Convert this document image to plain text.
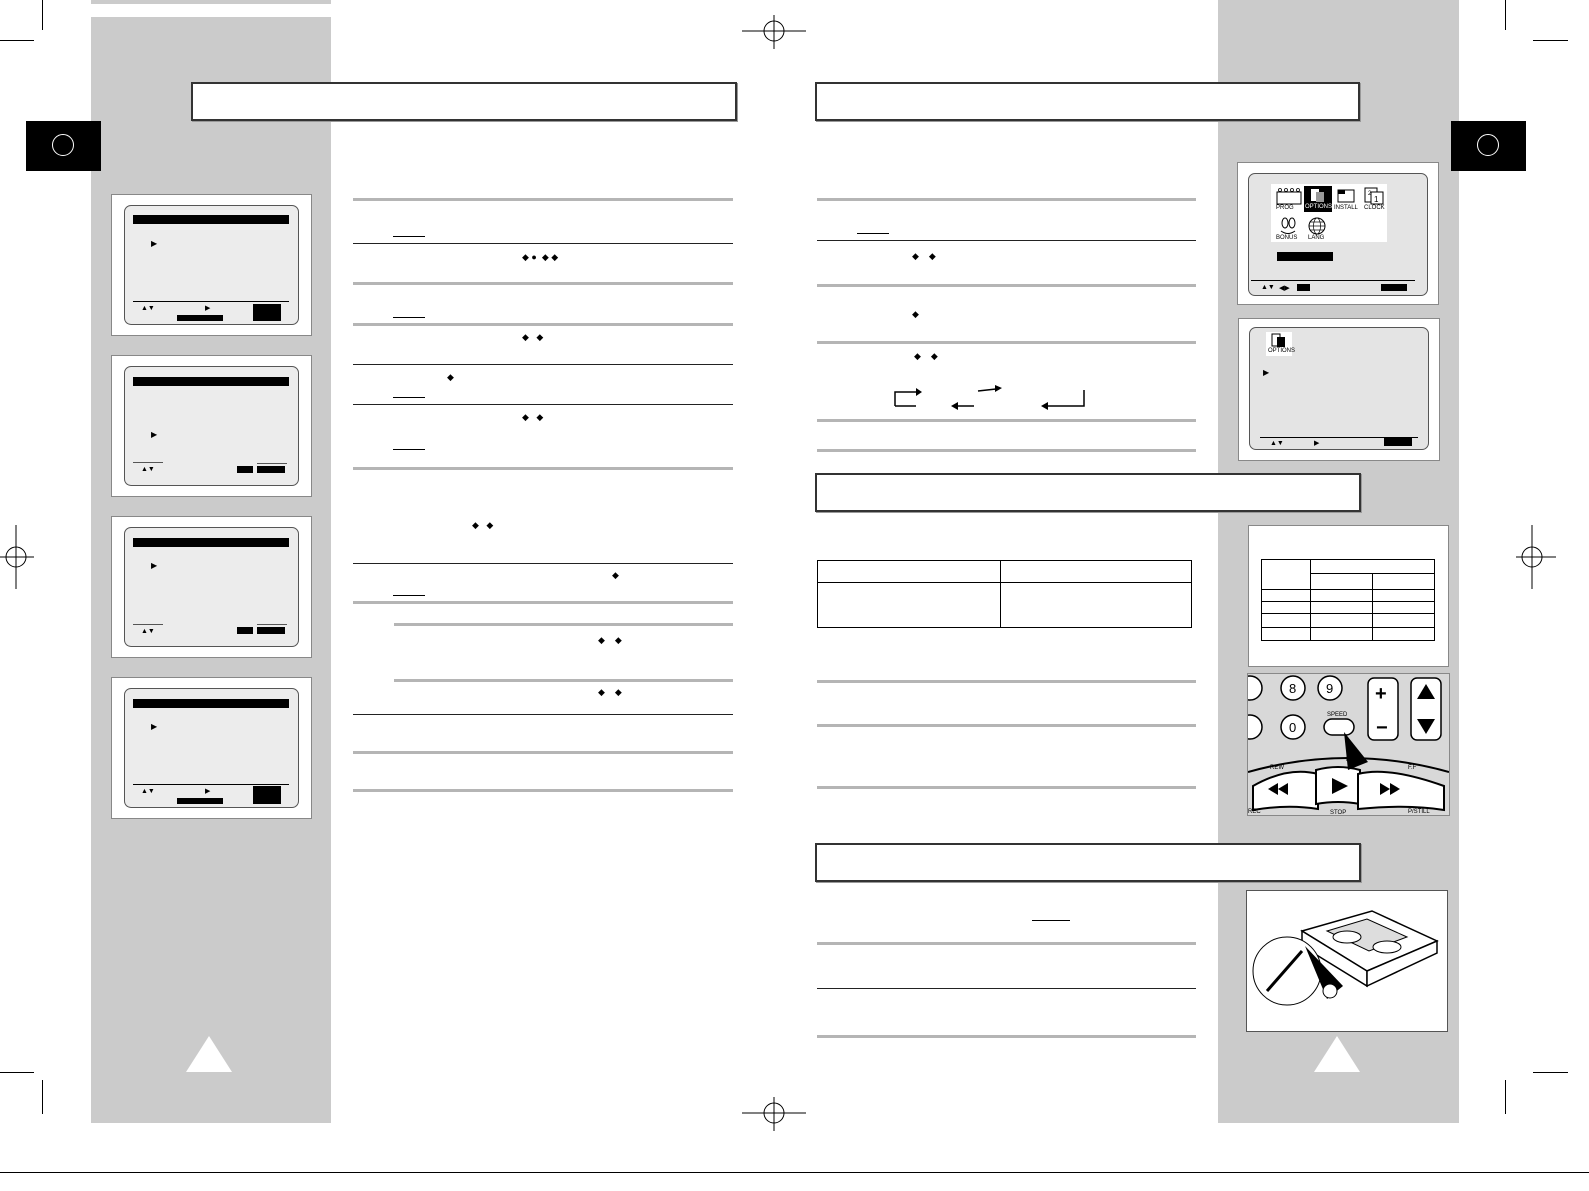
▶
▲▼	▶
▶
▲▼
▶
▲▼
▶
▲▼	▶
◆ ●  ◆ ◆
◆   ◆
◆
◆   ◆
◆   ◆
◆
◆    ◆
◆    ◆
◆    ◆
◆
◆    ◆
PROG OPTIONS INSTALL
1
2
CLOCK
BONUS LANG
▲▼ ◀▶
OPTIONS
▶
▲▼	▶
8 9
0
SPEED
+
−
REW	F.F
REC	STOP	P/STILL
